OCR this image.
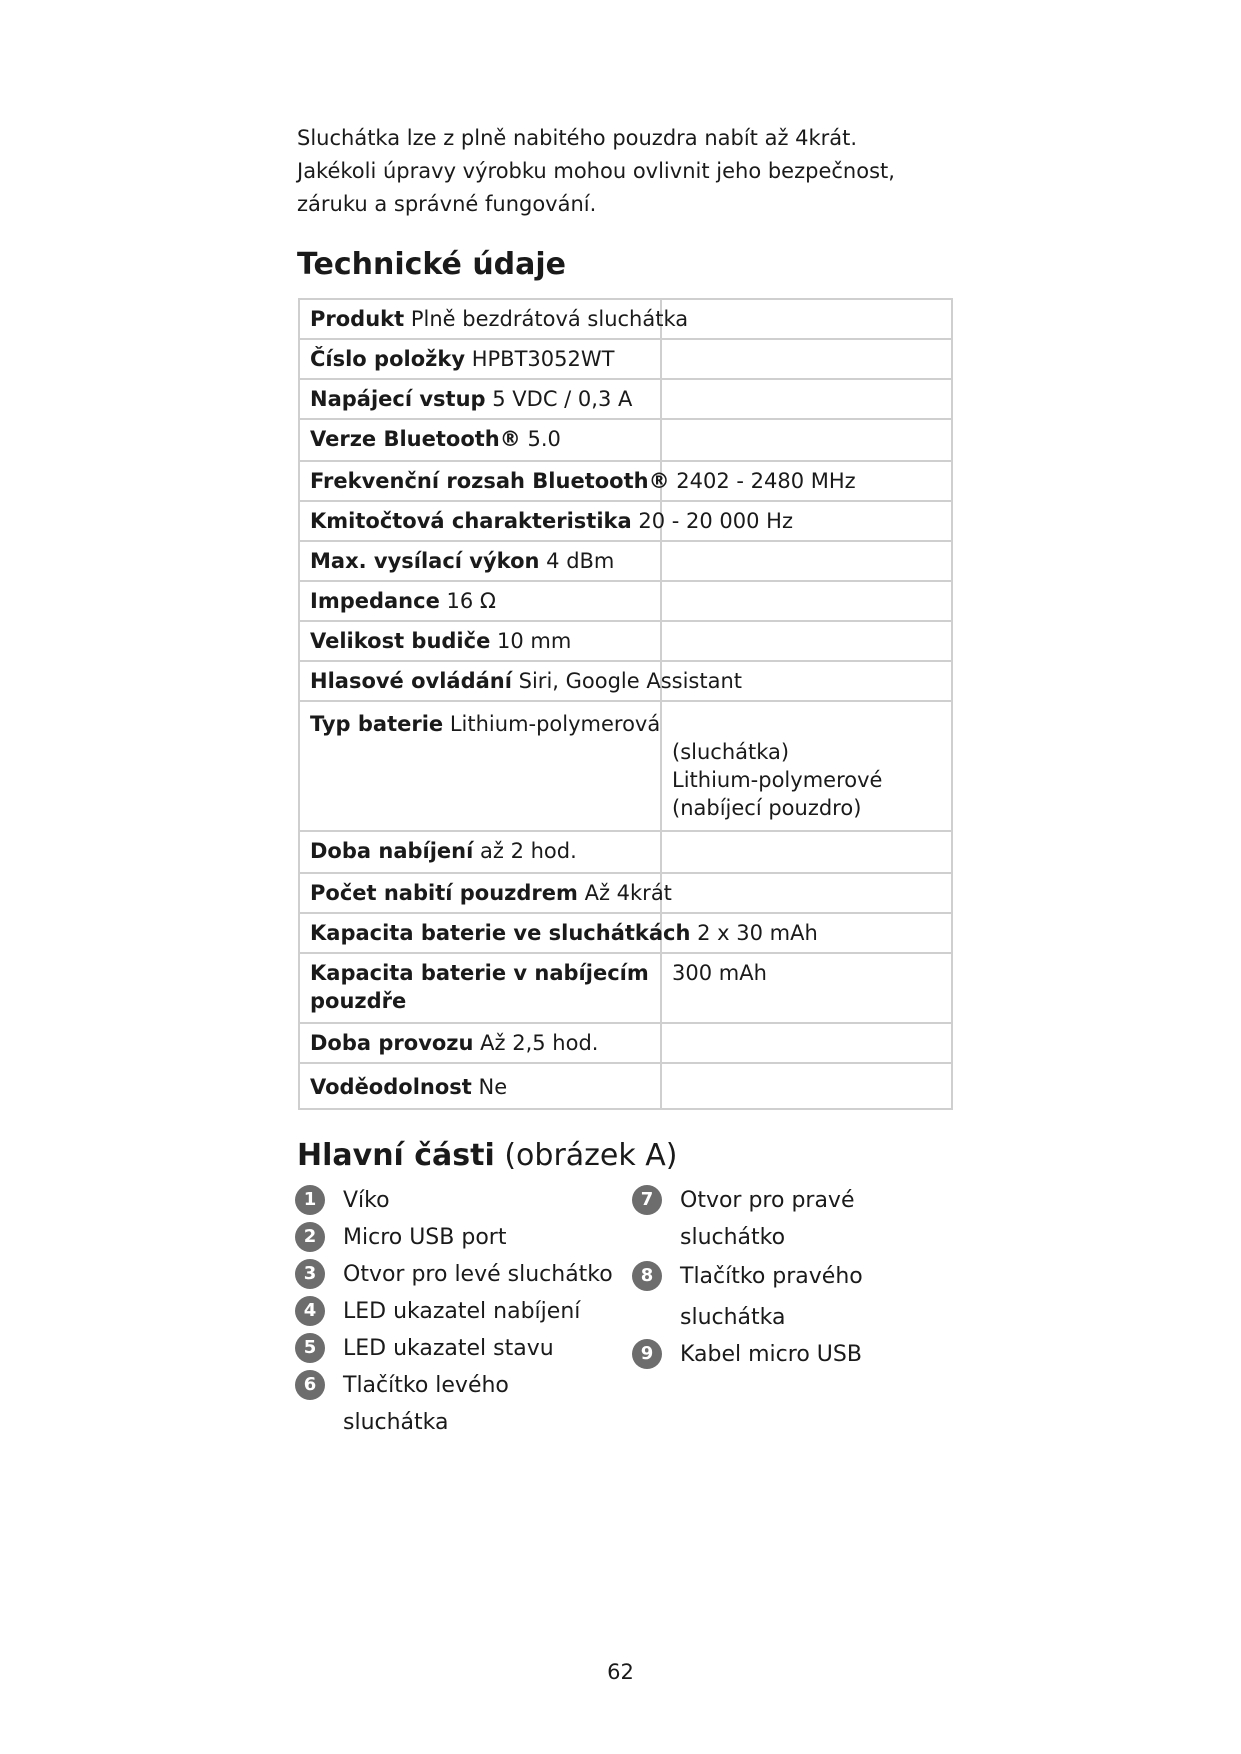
Sluchátka lze z plně nabitého pouzdra nabít až 4krát.
Jakékoli úpravy výrobku mohou ovlivnit jeho bezpečnost,
záruku a správné fungování.
Technické údaje
Produkt Plně bezdrátová sluchátka	

Číslo položky HPBT3052WT	

Napájecí vstup 5 VDC / 0,3 A	

Verze Bluetooth® 5.0	

Frekvenční rozsah Bluetooth® 2402 - 2480 MHz	

Kmitočtová charakteristika 20 - 20 000 Hz	

Max. vysílací výkon 4 dBm	

Impedance 16 Ω	

Velikost budiče 10 mm	

Hlasové ovládání Siri, Google Assistant	

Typ baterie Lithium-polymerová	(sluchátka)
Lithium-polymerové
(nabíjecí pouzdro)

Doba nabíjení až 2 hod.	

Počet nabití pouzdrem Až 4krát	

Kapacita baterie ve sluchátkách 2 x 30 mAh	

Kapacita baterie v nabíjecím
pouzdře	300 mAh

Doba provozu Až 2,5 hod.	

Voděodolnost Ne	

Hlavní části (obrázek A)
1	Víko
2	Micro USB port
3	Otvor pro levé sluchátko
4	LED ukazatel nabíjení
5	LED ukazatel stavu
6	Tlačítko levého
sluchátka
7	Otvor pro pravé
sluchátko
8	Tlačítko pravého
sluchátka
9	Kabel micro USB
62
